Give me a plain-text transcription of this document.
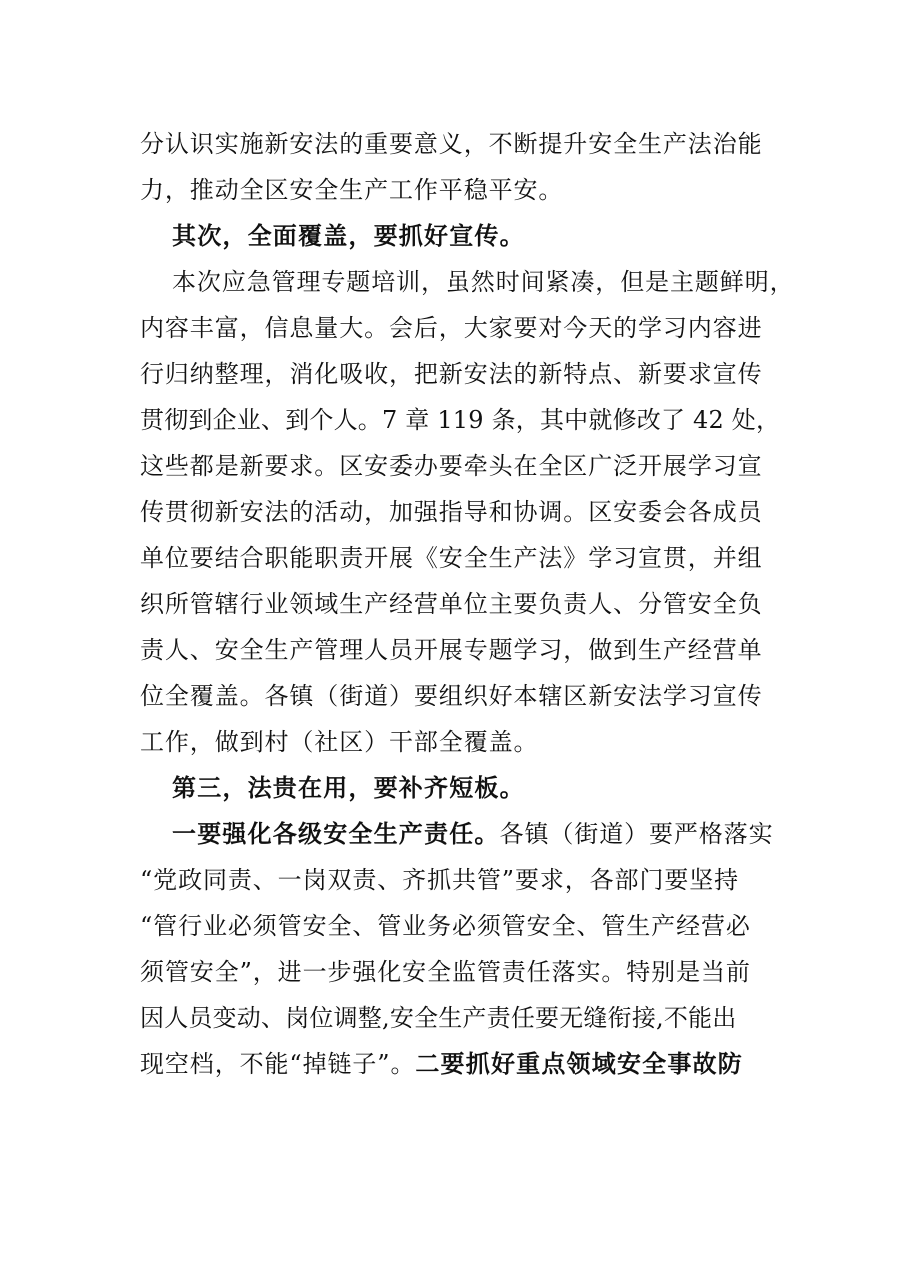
分认识实施新安法的重要意义，不断提升安全生产法治能
力，推动全区安全生产工作平稳平安。
其次，全面覆盖，要抓好宣传。
本次应急管理专题培训，虽然时间紧凑，但是主题鲜明，
内容丰富，信息量大。会后，大家要对今天的学习内容进
行归纳整理，消化吸收，把新安法的新特点、新要求宣传
贯彻到企业、到个人。7 章 119 条，其中就修改了 42 处，
这些都是新要求。区安委办要牵头在全区广泛开展学习宣
传贯彻新安法的活动，加强指导和协调。区安委会各成员
单位要结合职能职责开展《安全生产法》学习宣贯，并组
织所管辖行业领域生产经营单位主要负责人、分管安全负
责人、安全生产管理人员开展专题学习，做到生产经营单
位全覆盖。各镇（街道）要组织好本辖区新安法学习宣传
工作，做到村（社区）干部全覆盖。
第三，法贵在用，要补齐短板。
一要强化各级安全生产责任。各镇（街道）要严格落实
“党政同责、一岗双责、齐抓共管”要求，各部门要坚持
“管行业必须管安全、管业务必须管安全、管生产经营必
须管安全”，进一步强化安全监管责任落实。特别是当前
因人员变动、岗位调整,安全生产责任要无缝衔接,不能出
现空档，不能“掉链子”。二要抓好重点领域安全事故防
